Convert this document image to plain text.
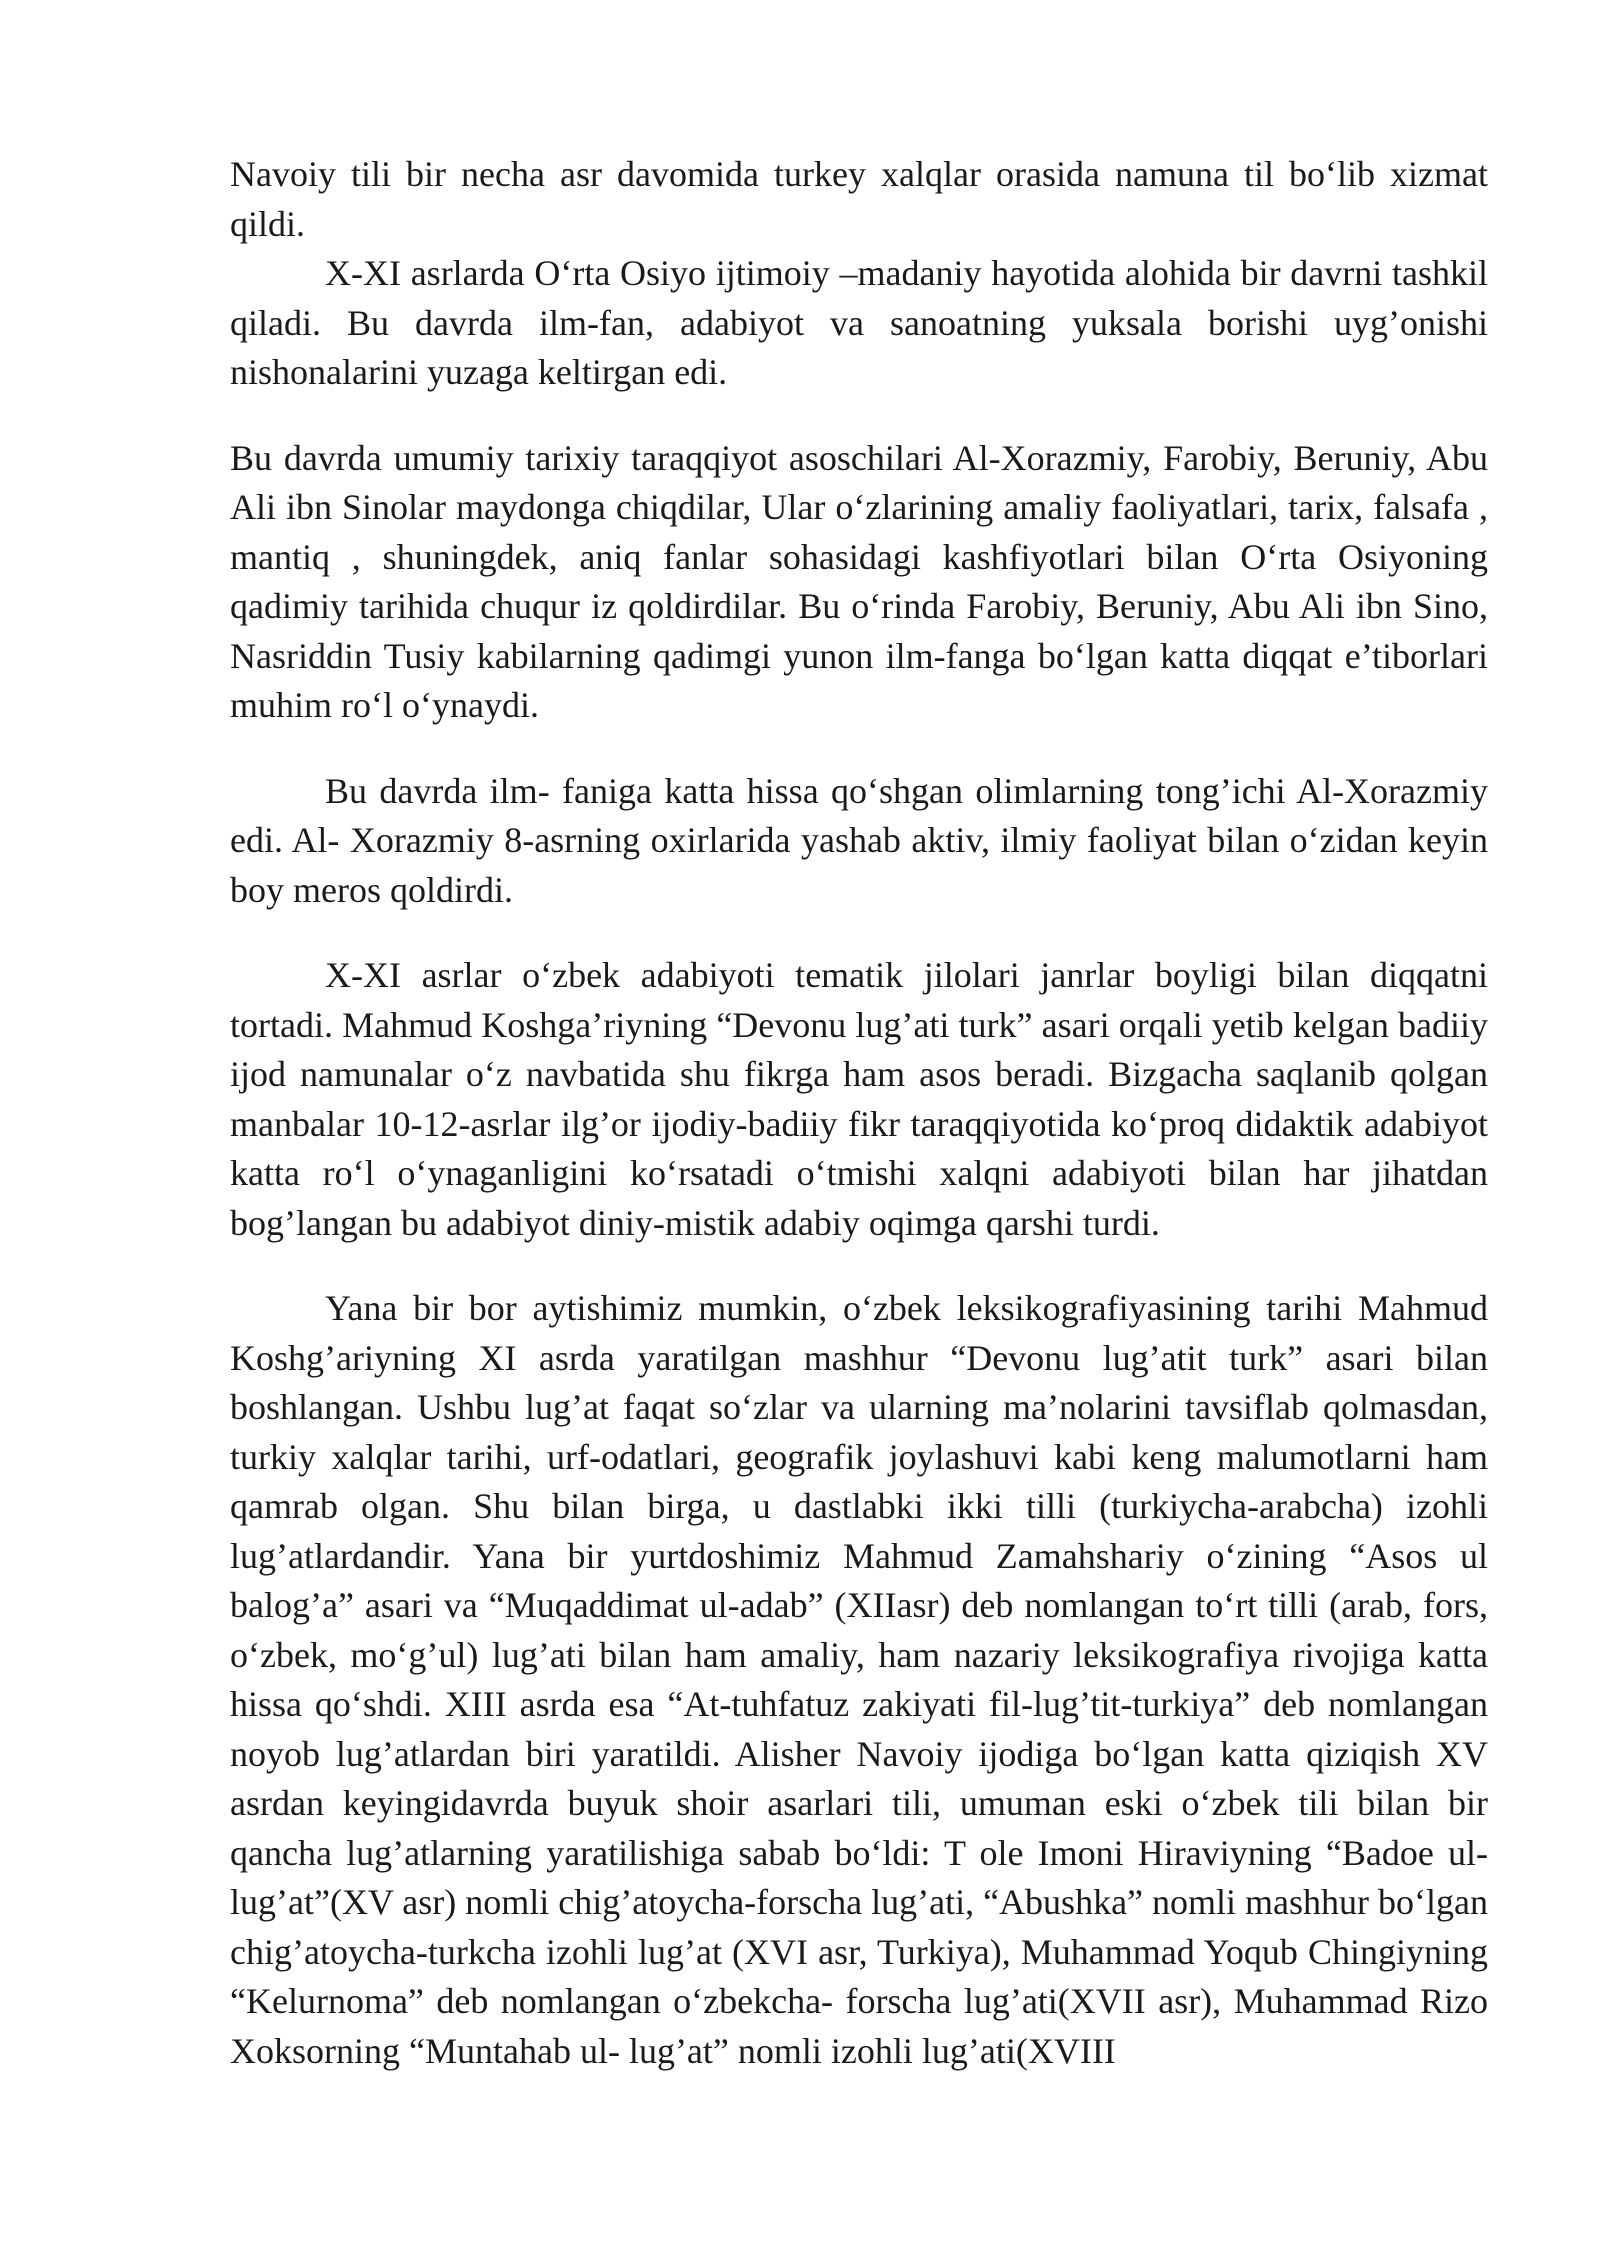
Navoiy tili bir necha asr davomida turkey xalqlar orasida namuna til bo‘lib xizmat qildi.

X-XI asrlarda O‘rta Osiyo ijtimoiy –madaniy hayotida alohida bir davrni tashkil qiladi. Bu davrda ilm-fan, adabiyot va sanoatning yuksala borishi uyg’onishi nishonalarini yuzaga keltirgan edi.

Bu davrda umumiy tarixiy taraqqiyot asoschilari Al-Xorazmiy, Farobiy, Beruniy, Abu Ali ibn Sinolar maydonga chiqdilar, Ular o‘zlarining amaliy faoliyatlari, tarix, falsafa , mantiq , shuningdek, aniq fanlar sohasidagi kashfiyotlari bilan O‘rta Osiyoning qadimiy tarihida chuqur iz qoldirdilar. Bu o‘rinda Farobiy, Beruniy, Abu Ali ibn Sino, Nasriddin Tusiy kabilarning qadimgi yunon ilm-fanga bo‘lgan katta diqqat e’tiborlari muhim ro‘l o‘ynaydi.

Bu davrda ilm- faniga katta hissa qo‘shgan olimlarning tong’ichi Al-Xorazmiy edi. Al- Xorazmiy 8-asrning oxirlarida yashab aktiv, ilmiy faoliyat bilan o‘zidan keyin boy meros qoldirdi.

X-XI asrlar o‘zbek adabiyoti tematik jilolari janrlar boyligi bilan diqqatni tortadi. Mahmud Koshga’riyning “Devonu lug’ati turk” asari orqali yetib kelgan badiiy ijod namunalar o‘z navbatida shu fikrga ham asos beradi. Bizgacha saqlanib qolgan manbalar 10-12-asrlar ilg’or ijodiy-badiiy fikr taraqqiyotida ko‘proq didaktik adabiyot katta ro‘l o‘ynaganligini ko‘rsatadi o‘tmishi xalqni adabiyoti bilan har jihatdan bog’langan bu adabiyot diniy-mistik adabiy oqimga qarshi turdi.

Yana bir bor aytishimiz mumkin, o‘zbek leksikografiyasining tarihi Mahmud Koshg’ariyning XI asrda yaratilgan mashhur “Devonu lug’atit turk” asari bilan boshlangan. Ushbu lug’at faqat so‘zlar va ularning ma’nolarini tavsiflab qolmasdan, turkiy xalqlar tarihi, urf-odatlari, geografik joylashuvi kabi keng malumotlarni ham qamrab olgan. Shu bilan birga, u dastlabki ikki tilli (turkiycha-arabcha) izohli lug’atlardandir. Yana bir yurtdoshimiz Mahmud Zamahshariy o‘zining “Asos ul balog’a” asari va “Muqaddimat ul-adab” (XIIasr) deb nomlangan to‘rt tilli (arab, fors, o‘zbek, mo‘g’ul) lug’ati bilan ham amaliy, ham nazariy leksikografiya rivojiga katta hissa qo‘shdi. XIII asrda esa “At-tuhfatuz zakiyati fil-lug’tit-turkiya” deb nomlangan noyob lug’atlardan biri yaratildi. Alisher Navoiy ijodiga bo‘lgan katta qiziqish XV asrdan keyingidavrda buyuk shoir asarlari tili, umuman eski o‘zbek tili bilan bir qancha lug’atlarning yaratilishiga sabab bo‘ldi: T ole Imoni Hiraviyning “Badoe ul- lug’at”(XV asr) nomli chig’atoycha-forscha lug’ati, “Abushka” nomli mashhur bo‘lgan chig’atoycha-turkcha izohli lug’at (XVI asr, Turkiya), Muhammad Yoqub Chingiyning “Kelurnoma” deb nomlangan o‘zbekcha- forscha lug’ati(XVII asr), Muhammad Rizo Xoksorning “Muntahab ul- lug’at” nomli izohli lug’ati(XVIII
